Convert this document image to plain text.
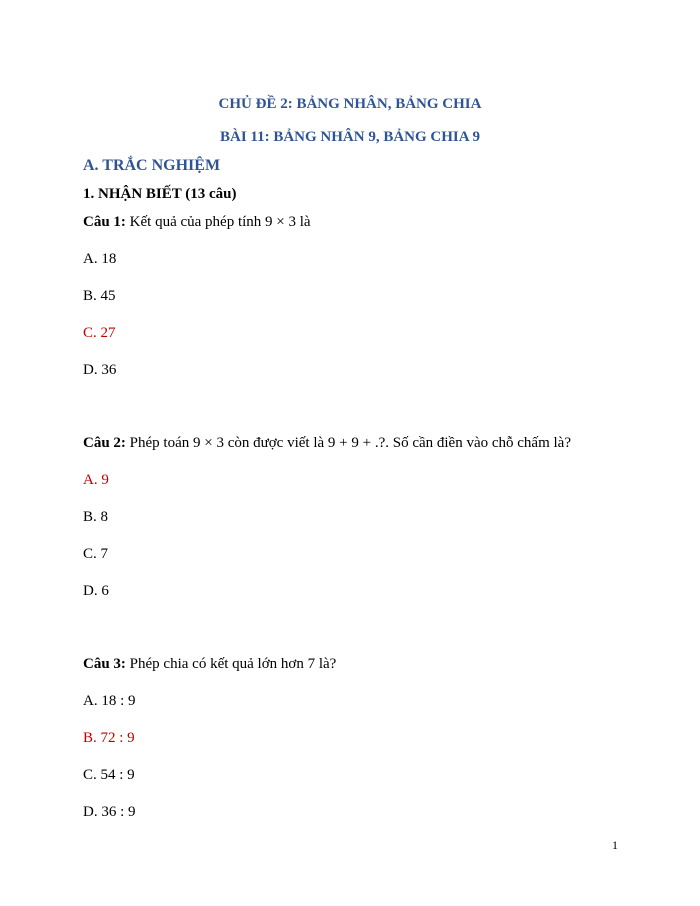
CHỦ ĐỀ 2: BẢNG NHÂN, BẢNG CHIA
BÀI 11: BẢNG NHÂN 9, BẢNG CHIA 9
A. TRẮC NGHIỆM
1. NHẬN BIẾT (13 câu)
Câu 1: Kết quả của phép tính 9 × 3 là
A. 18
B. 45
C. 27
D. 36
Câu 2: Phép toán 9 × 3 còn được viết là 9 + 9 + .?. Số cần điền vào chỗ chấm là?
A. 9
B. 8
C. 7
D. 6
Câu 3: Phép chia có kết quả lớn hơn 7 là?
A. 18 : 9
B. 72 : 9
C. 54 : 9
D. 36 : 9
1
